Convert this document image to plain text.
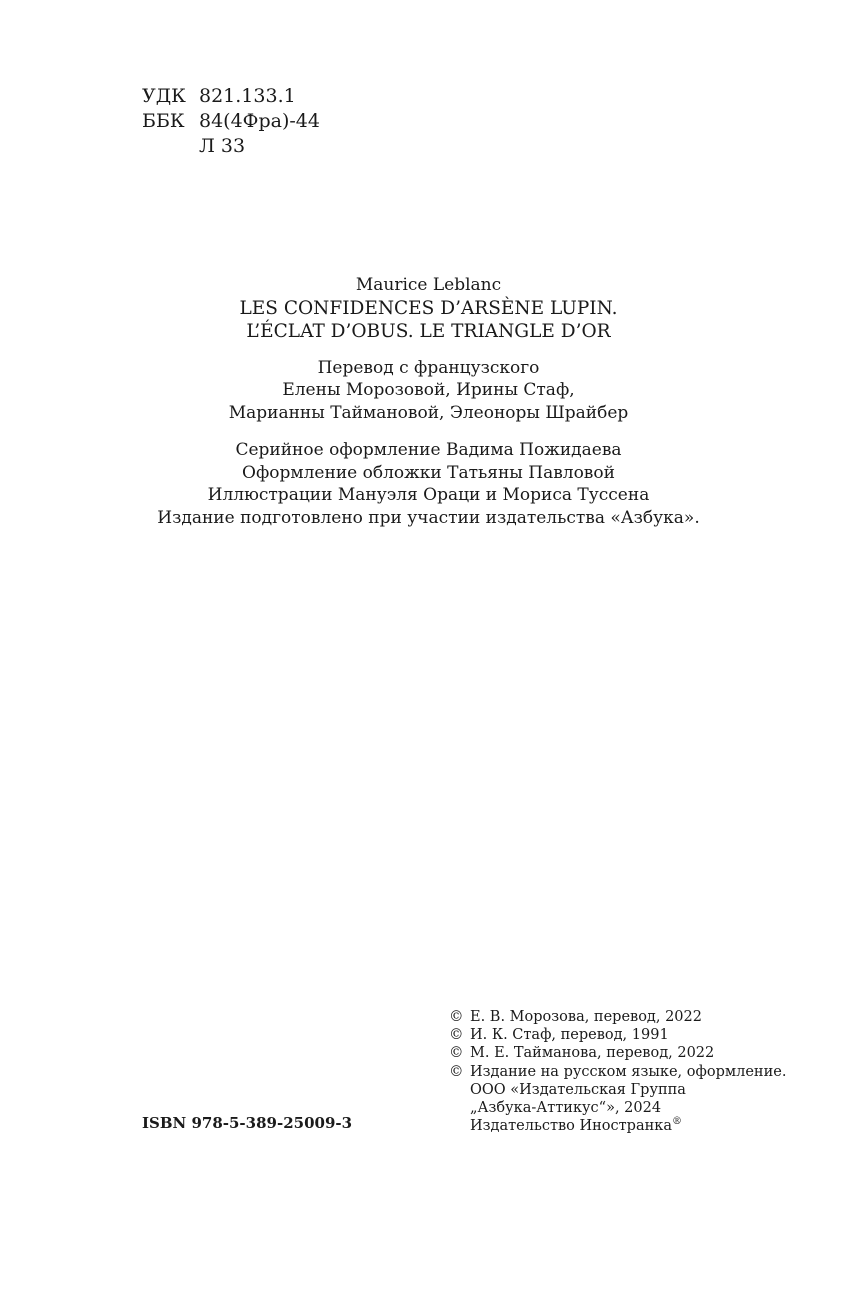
УДК 821.133.1
ББК 84(4Фра)-44
Л 33

Maurice Leblanc

LES CONFIDENCES D’ARSÈNE LUPIN.

L’ÉCLAT D’OBUS. LE TRIANGLE D’OR

Перевод с французского

Елены Морозовой, Ирины Стаф,

Марианны Таймановой, Элеоноры Шрайбер

Серийное оформление Вадима Пожидаева

Оформление обложки Татьяны Павловой

Иллюстрации Мануэля Ораци и Мориса Туссена

Издание подготовлено при участии издательства «Азбука».

© Е. В. Морозова, перевод, 2022
© И. К. Стаф, перевод, 1991
© М. Е. Тайманова, перевод, 2022
© Издание на русском языке, оформление.
ООО «Издательская Группа
„Азбука-Аттикус“», 2024
Издательство Иностранка®
ISBN 978-5-389-25009-3
